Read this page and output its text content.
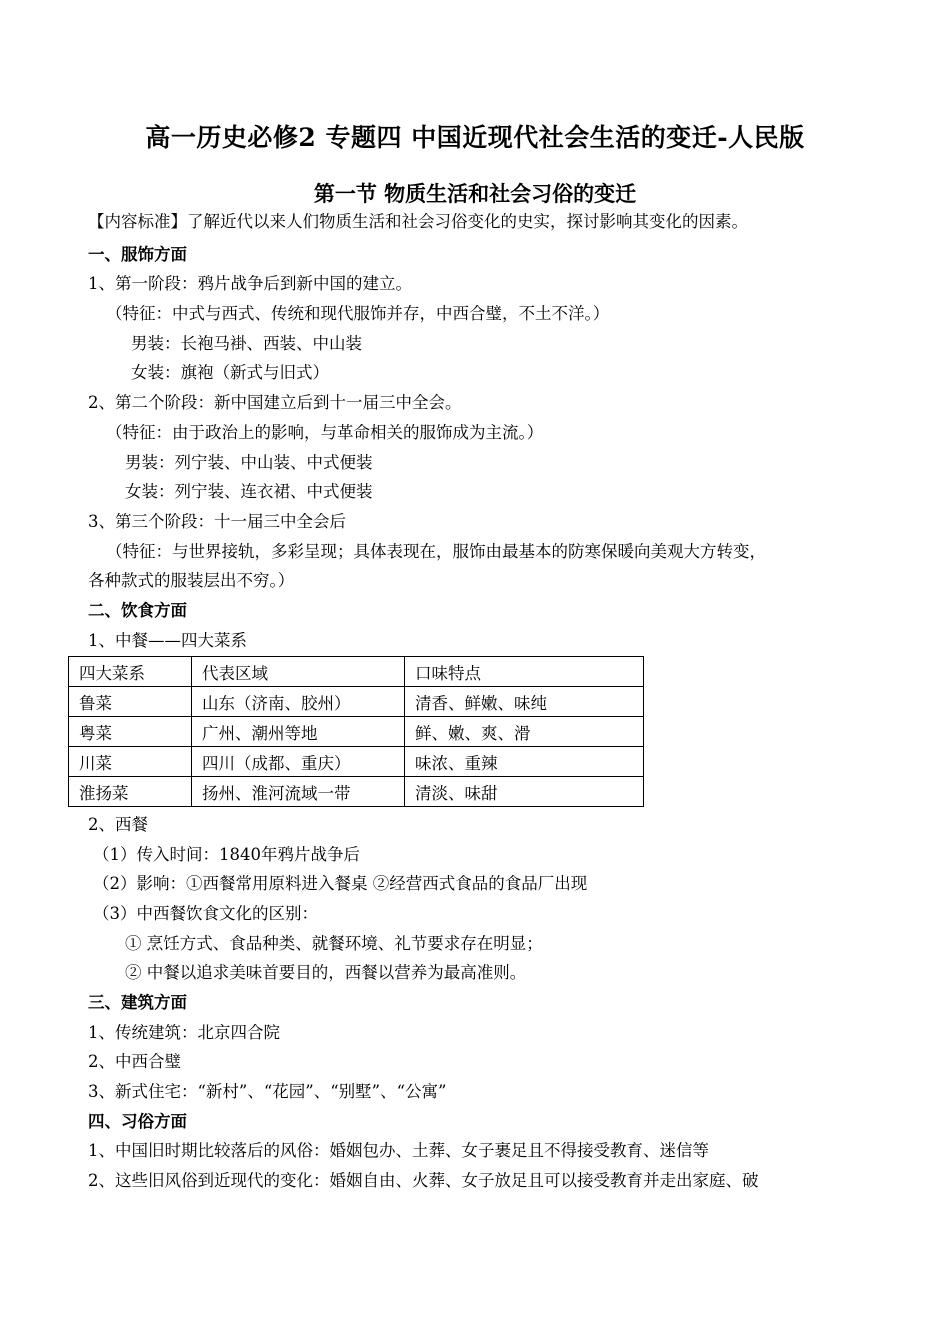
高一历史必修2 专题四 中国近现代社会生活的变迁-人民版
第一节 物质生活和社会习俗的变迁
【内容标准】了解近代以来人们物质生活和社会习俗变化的史实，探讨影响其变化的因素。
一、服饰方面
1、第一阶段：鸦片战争后到新中国的建立。
（特征：中式与西式、传统和现代服饰并存，中西合璧，不土不洋。）
男装：长袍马褂、西装、中山装
女装：旗袍（新式与旧式）
2、第二个阶段：新中国建立后到十一届三中全会。
（特征：由于政治上的影响，与革命相关的服饰成为主流。）
男装：列宁装、中山装、中式便装
女装：列宁装、连衣裙、中式便装
3、第三个阶段：十一届三中全会后
（特征：与世界接轨，多彩呈现；具体表现在，服饰由最基本的防寒保暖向美观大方转变，
各种款式的服装层出不穷。）
二、饮食方面
1、中餐——四大菜系
四大菜系	代表区域	口味特点
鲁菜	山东（济南、胶州）	清香、鲜嫩、味纯
粤菜	广州、潮州等地	鲜、嫩、爽、滑
川菜	四川（成都、重庆）	味浓、重辣
淮扬菜	扬州、淮河流域一带	清淡、味甜
2、西餐
（1）传入时间：1840年鸦片战争后
（2）影响：①西餐常用原料进入餐桌 ②经营西式食品的食品厂出现
（3）中西餐饮食文化的区别：
① 烹饪方式、食品种类、就餐环境、礼节要求存在明显；
② 中餐以追求美味首要目的，西餐以营养为最高准则。
三、建筑方面
1、传统建筑：北京四合院
2、中西合璧
3、新式住宅：“新村”、“花园”、“别墅”、“公寓”
四、习俗方面
1、中国旧时期比较落后的风俗：婚姻包办、土葬、女子裹足且不得接受教育、迷信等
2、这些旧风俗到近现代的变化：婚姻自由、火葬、女子放足且可以接受教育并走出家庭、破
